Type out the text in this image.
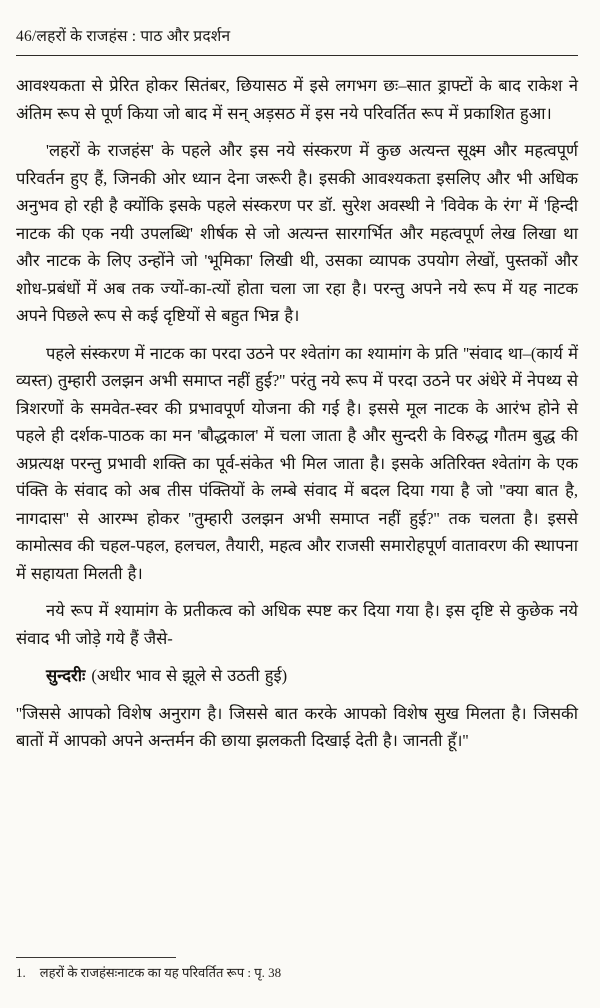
46/लहरों के राजहंस : पाठ और प्रदर्शन

आवश्यकता से प्रेरित होकर सितंबर, छियासठ में इसे लगभग छः–सात ड्राफ्टों के बाद राकेश ने अंतिम रूप से पूर्ण किया जो बाद में सन् अड़सठ में इस नये परिवर्तित रूप में प्रकाशित हुआ।

'लहरों के राजहंस' के पहले और इस नये संस्करण में कुछ अत्यन्त सूक्ष्म और महत्वपूर्ण परिवर्तन हुए हैं, जिनकी ओर ध्यान देना जरूरी है। इसकी आवश्यकता इसलिए और भी अधिक अनुभव हो रही है क्योंकि इसके पहले संस्करण पर डॉ. सुरेश अवस्थी ने 'विवेक के रंग' में 'हिन्दी नाटक की एक नयी उपलब्धि' शीर्षक से जो अत्यन्त सारगर्भित और महत्वपूर्ण लेख लिखा था और नाटक के लिए उन्होंने जो 'भूमिका' लिखी थी, उसका व्यापक उपयोग लेखों, पुस्तकों और शोध-प्रबंधों में अब तक ज्यों-का-त्यों होता चला जा रहा है। परन्तु अपने नये रूप में यह नाटक अपने पिछले रूप से कई दृष्टियों से बहुत भिन्न है।

पहले संस्करण में नाटक का परदा उठने पर श्वेतांग का श्यामांग के प्रति ''संवाद था–(कार्य में व्यस्त) तुम्हारी उलझन अभी समाप्त नहीं हुई?'' परंतु नये रूप में परदा उठने पर अंधेरे में नेपथ्य से त्रिशरणों के समवेत-स्वर की प्रभावपूर्ण योजना की गई है। इससे मूल नाटक के आरंभ होने से पहले ही दर्शक-पाठक का मन 'बौद्धकाल' में चला जाता है और सुन्दरी के विरुद्ध गौतम बुद्ध की अप्रत्यक्ष परन्तु प्रभावी शक्ति का पूर्व-संकेत भी मिल जाता है। इसके अतिरिक्त श्वेतांग के एक पंक्ति के संवाद को अब तीस पंक्तियों के लम्बे संवाद में बदल दिया गया है जो ''क्या बात है, नागदास'' से आरम्भ होकर ''तुम्हारी उलझन अभी समाप्त नहीं हुई?'' तक चलता है। इससे कामोत्सव की चहल-पहल, हलचल, तैयारी, महत्व और राजसी समारोहपूर्ण वातावरण की स्थापना में सहायता मिलती है।

नये रूप में श्यामांग के प्रतीकत्व को अधिक स्पष्ट कर दिया गया है। इस दृष्टि से कुछेक नये संवाद भी जोड़े गये हैं जैसे-

सुन्दरीः (अधीर भाव से झूले से उठती हुई)

''जिससे आपको विशेष अनुराग है। जिससे बात करके आपको विशेष सुख मिलता है। जिसकी बातों में आपको अपने अन्तर्मन की छाया झलकती दिखाई देती है। जानती हूँ।''

1. लहरों के राजहंसःनाटक का यह परिवर्तित रूप : पृ. 38
